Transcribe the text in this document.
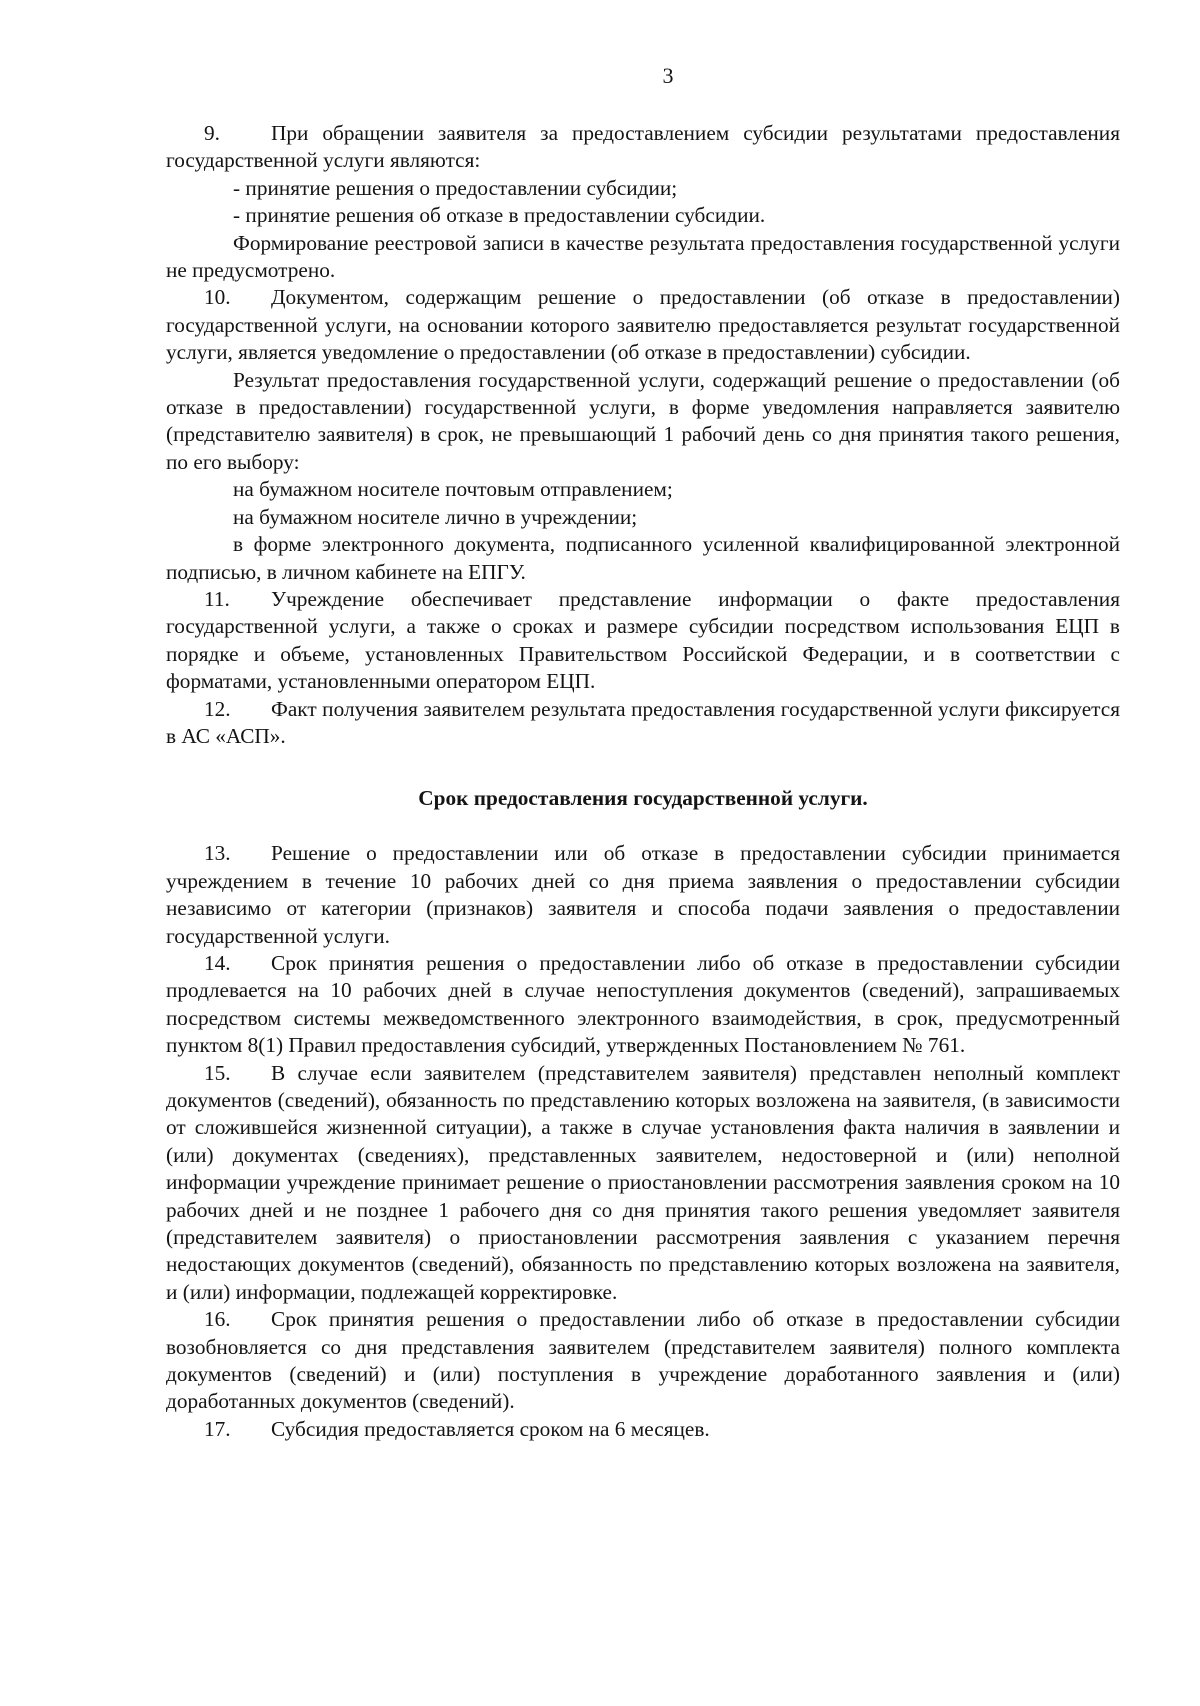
3

9. При обращении заявителя за предоставлением субсидии результатами предоставления государственной услуги являются:

- принятие решения о предоставлении субсидии;

- принятие решения об отказе в предоставлении субсидии.

Формирование реестровой записи в качестве результата предоставления государственной услуги не предусмотрено.

10. Документом, содержащим решение о предоставлении (об отказе в предоставлении) государственной услуги, на основании которого заявителю предоставляется результат государственной услуги, является уведомление о предоставлении (об отказе в предоставлении) субсидии.

Результат предоставления государственной услуги, содержащий решение о предоставлении (об отказе в предоставлении) государственной услуги, в форме уведомления направляется заявителю (представителю заявителя) в срок, не превышающий 1 рабочий день со дня принятия такого решения, по его выбору:

на бумажном носителе почтовым отправлением;

на бумажном носителе лично в учреждении;

в форме электронного документа, подписанного усиленной квалифицированной электронной подписью, в личном кабинете на ЕПГУ.

11. Учреждение обеспечивает представление информации о факте предоставления государственной услуги, а также о сроках и размере субсидии посредством использования ЕЦП в порядке и объеме, установленных Правительством Российской Федерации, и в соответствии с форматами, установленными оператором ЕЦП.

12. Факт получения заявителем результата предоставления государственной услуги фиксируется в АС «АСП».

Срок предоставления государственной услуги.

13. Решение о предоставлении или об отказе в предоставлении субсидии принимается учреждением в течение 10 рабочих дней со дня приема заявления о предоставлении субсидии независимо от категории (признаков) заявителя и способа подачи заявления о предоставлении государственной услуги.

14. Срок принятия решения о предоставлении либо об отказе в предоставлении субсидии продлевается на 10 рабочих дней в случае непоступления документов (сведений), запрашиваемых посредством системы межведомственного электронного взаимодействия, в срок, предусмотренный пунктом 8(1) Правил предоставления субсидий, утвержденных Постановлением № 761.

15. В случае если заявителем (представителем заявителя) представлен неполный комплект документов (сведений), обязанность по представлению которых возложена на заявителя, (в зависимости от сложившейся жизненной ситуации), а также в случае установления факта наличия в заявлении и (или) документах (сведениях), представленных заявителем, недостоверной и (или) неполной информации учреждение принимает решение о приостановлении рассмотрения заявления сроком на 10 рабочих дней и не позднее 1 рабочего дня со дня принятия такого решения уведомляет заявителя (представителем заявителя) о приостановлении рассмотрения заявления с указанием перечня недостающих документов (сведений), обязанность по представлению которых возложена на заявителя, и (или) информации, подлежащей корректировке.

16. Срок принятия решения о предоставлении либо об отказе в предоставлении субсидии возобновляется со дня представления заявителем (представителем заявителя) полного комплекта документов (сведений) и (или) поступления в учреждение доработанного заявления и (или) доработанных документов (сведений).

17. Субсидия предоставляется сроком на 6 месяцев.
